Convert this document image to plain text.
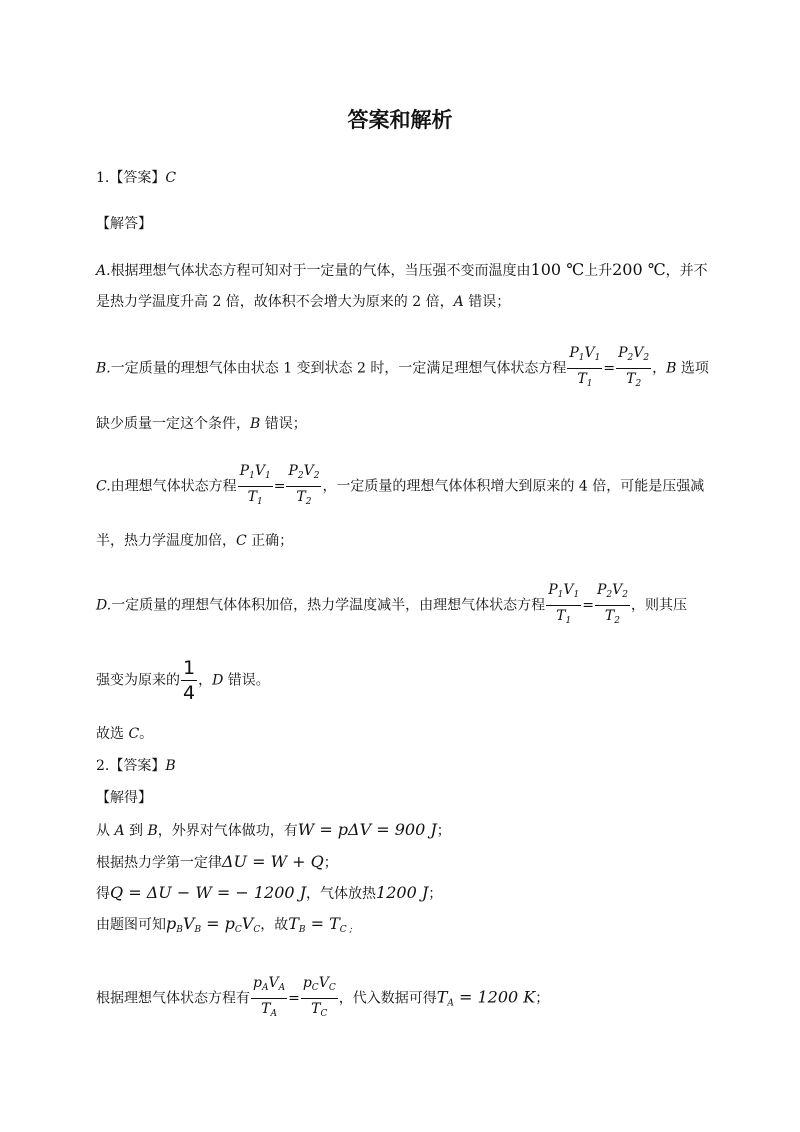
答案和解析
1.【答案】C
【解答】
A.根据理想气体状态方程可知对于一定量的气体，当压强不变而温度由100 ℃上升200 ℃，并不
是热力学温度升高 2 倍，故体积不会增大为原来的 2 倍，A 错误；
B.一定质量的理想气体由状态 1 变到状态 2 时，一定满足理想气体状态方程 $\frac{P_1V_1}{T_1} = \frac{P_2V_2}{T_2}$ ，B 选项
缺少质量一定这个条件，B 错误；
C.由理想气体状态方程 $\frac{P_1V_1}{T_1} = \frac{P_2V_2}{T_2}$ ，一定质量的理想气体体积增大到原来的 4 倍，可能是压强减
半，热力学温度加倍，C 正确；
D.一定质量的理想气体体积加倍，热力学温度减半，由理想气体状态方程 $\frac{P_1V_1}{T_1} = \frac{P_2V_2}{T_2}$ ，则其压
强变为原来的 $\frac{1}{4}$ ，D 错误。
故选 C。
2.【答案】B
【解得】
从 A 到 B，外界对气体做功，有W = pΔV = 900 J；
根据热力学第一定律ΔU = W + Q；
得Q = ΔU − W = − 1200 J，气体放热1200 J；
由题图可知$p_BV_B = p_CV_C$，故$T_B = T_{C ;}$
根据理想气体状态方程有 $\frac{p_AV_A}{T_A} = \frac{p_CV_C}{T_C}$ ，代入数据可得$T_A = 1200$ K；
